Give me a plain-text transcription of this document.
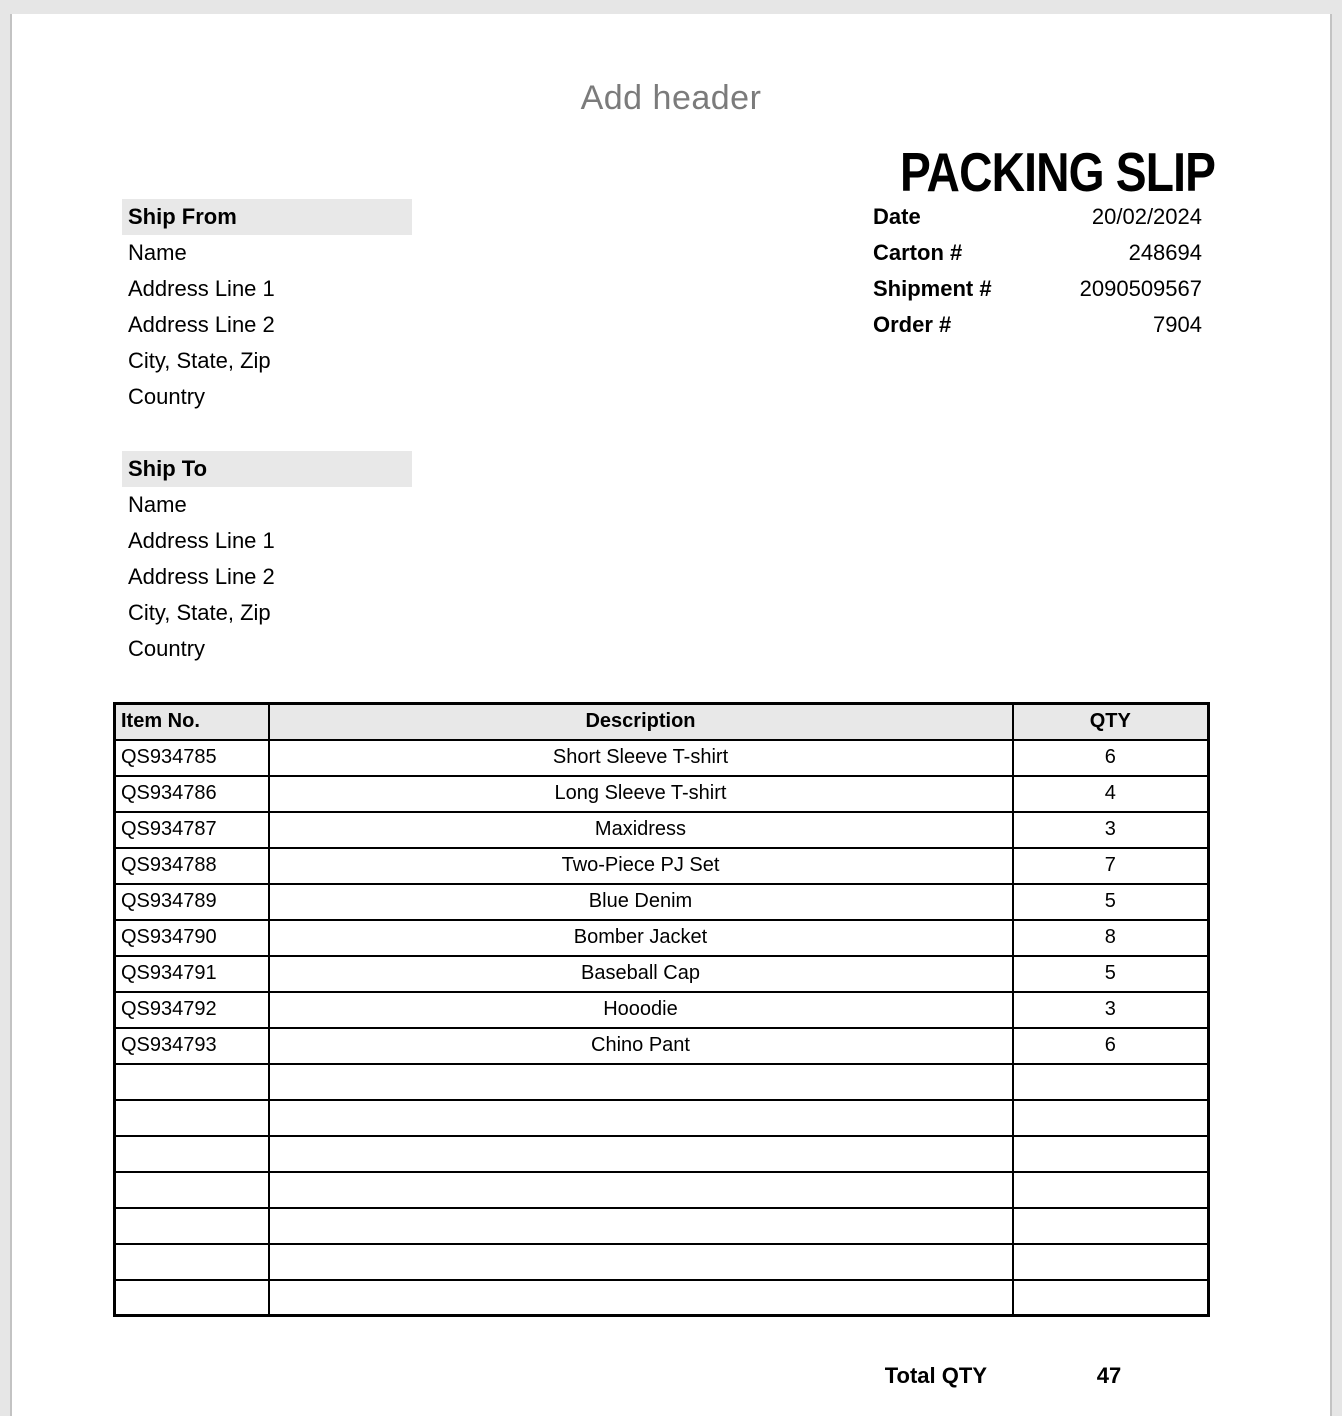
Add header
PACKING SLIP
Ship From
Name
Address Line 1
Address Line 2
City, State, Zip
Country
Ship To
Name
Address Line 1
Address Line 2
City, State, Zip
Country
Date	20/02/2024
Carton #	248694
Shipment #	2090509567
Order #	7904
Item No.	Description	QTY
QS934785	Short Sleeve T-shirt	6
QS934786	Long Sleeve T-shirt	4
QS934787	Maxidress	3
QS934788	Two-Piece PJ Set	7
QS934789	Blue Denim	5
QS934790	Bomber Jacket	8
QS934791	Baseball Cap	5
QS934792	Hooodie	3
QS934793	Chino Pant	6

Total QTY	47
